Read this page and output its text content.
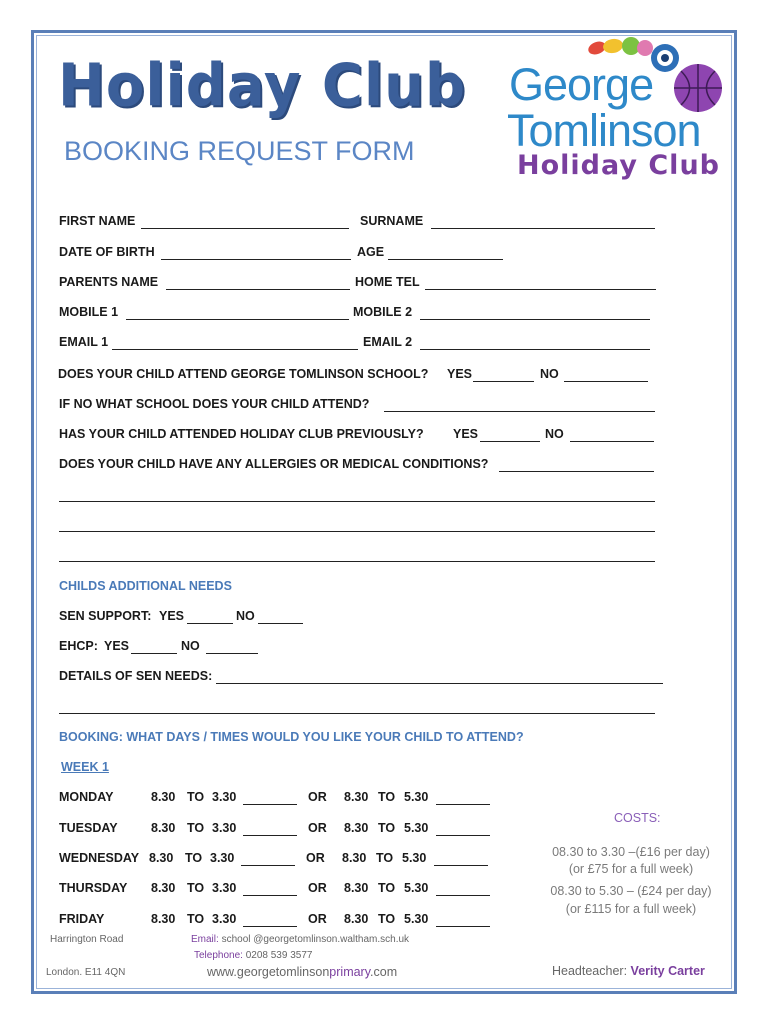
Holiday Club
BOOKING REQUEST FORM
George
Tomlinson
Holiday Club
FIRST NAME	SURNAME
DATE OF BIRTH	AGE
PARENTS NAME	HOME TEL
MOBILE 1	MOBILE 2
EMAIL 1	EMAIL 2
DOES YOUR CHILD ATTEND GEORGE TOMLINSON SCHOOL? YES	NO
IF NO WHAT SCHOOL DOES YOUR CHILD ATTEND?
HAS YOUR CHILD ATTENDED HOLIDAY CLUB PREVIOUSLY? YES	NO
DOES YOUR CHILD HAVE ANY ALLERGIES OR MEDICAL CONDITIONS?
CHILDS ADDITIONAL NEEDS
SEN SUPPORT: YES	NO
EHCP: YES	NO
DETAILS OF SEN NEEDS:
BOOKING: WHAT DAYS / TIMES WOULD YOU LIKE YOUR CHILD TO ATTEND?
WEEK 1
MONDAY	8.30 TO 3.30	OR 8.30 TO 5.30
TUESDAY	8.30 TO 3.30	OR 8.30 TO 5.30
WEDNESDAY 8.30 TO 3.30	OR 8.30 TO 5.30
THURSDAY 8.30 TO 3.30	OR 8.30 TO 5.30
FRIDAY	8.30 TO 3.30	OR 8.30 TO 5.30
COSTS:
08.30 to 3.30 –(£16 per day)
(or £75 for a full week)
08.30 to 5.30 – (£24 per day)
(or £115 for a full week)
Harrington Road
London. E11 4QN
Email: school @georgetomlinson.waltham.sch.uk
Telephone: 0208 539 3577
www.georgetomlinsonprimary.com	Headteacher: Verity Carter
